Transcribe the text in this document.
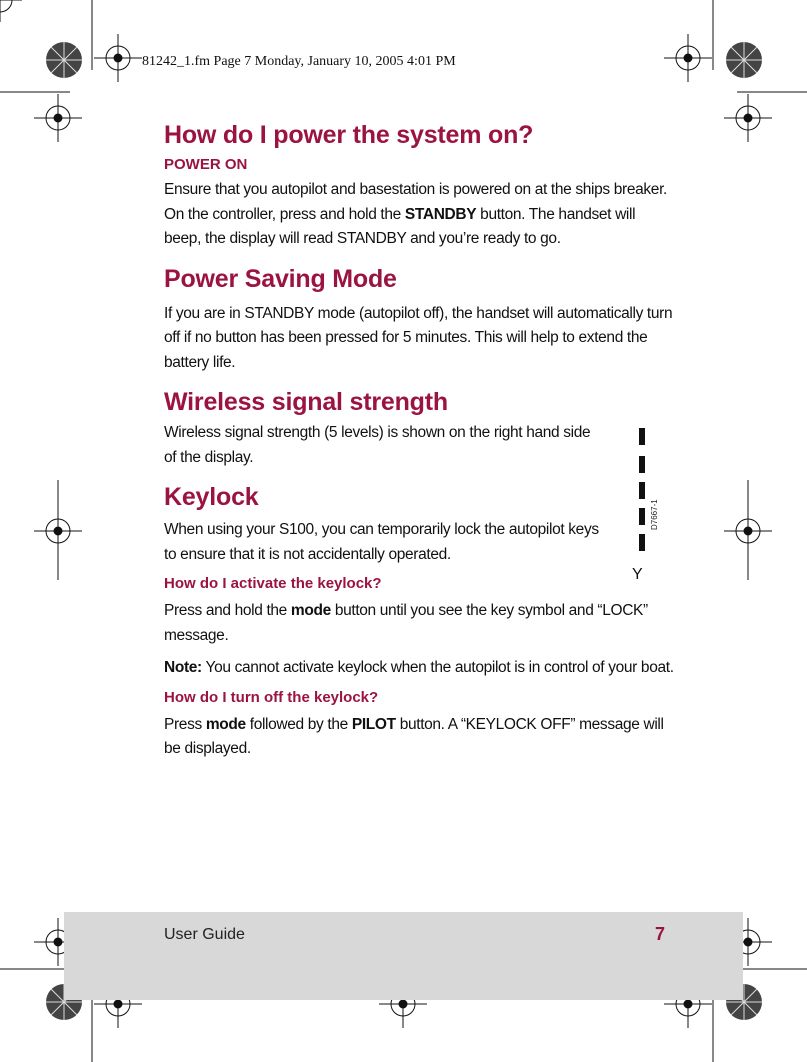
81242_1.fm Page 7 Monday, January 10, 2005 4:01 PM
How do I power the system on?
POWER ON

Ensure that you autopilot and basestation is powered on at the ships breaker. On the controller, press and hold the STANDBY button. The handset will beep, the display will read STANDBY and you’re ready to go.

Power Saving Mode

If you are in STANDBY mode (autopilot off), the handset will automatically turn off if no button has been pressed for 5 minutes. This will help to extend the battery life.

Wireless signal strength

Wireless signal strength (5 levels) is shown on the right hand side of the display.

Keylock

When using your S100, you can temporarily lock the autopilot keys to ensure that it is not accidentally operated.

How do I activate the keylock?

Press and hold the mode button until you see the key symbol and “LOCK” message.

Note: You cannot activate keylock when the autopilot is in control of your boat.

How do I turn off the keylock?

Press mode followed by the PILOT button. A “KEYLOCK OFF” message will be displayed.

D7667-1
Y
User Guide	7
